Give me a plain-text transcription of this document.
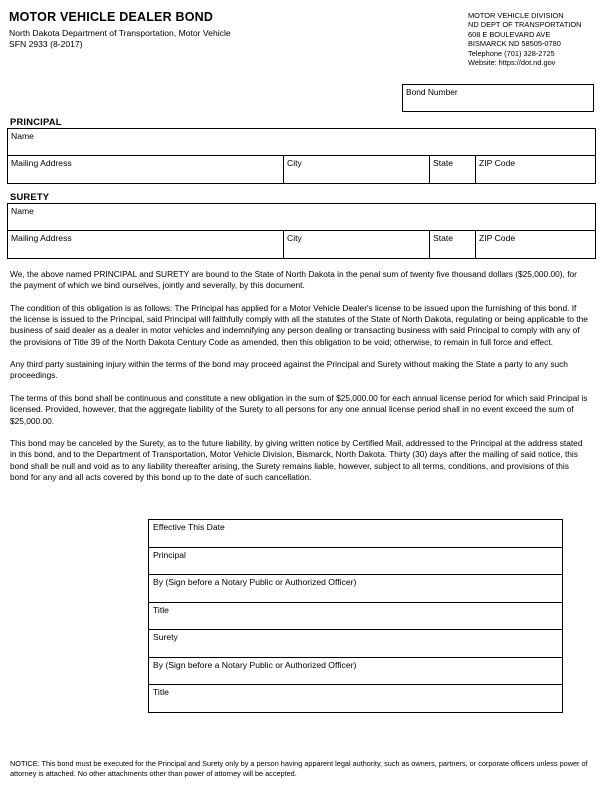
MOTOR VEHICLE DEALER BOND
North Dakota Department of Transportation, Motor Vehicle
SFN 2933 (8-2017)
MOTOR VEHICLE DIVISION
ND DEPT OF TRANSPORTATION
608 E BOULEVARD AVE
BISMARCK ND 58505-0780
Telephone (701) 328-2725
Website: https://dot.nd.gov
Bond Number
PRINCIPAL
Name
Mailing Address	City	State	ZIP Code
SURETY
Name
Mailing Address	City	State	ZIP Code

We, the above named PRINCIPAL and SURETY are bound to the State of North Dakota in the penal sum of twenty five thousand dollars ($25,000.00), for the payment of which we bind ourselves, jointly and severally, by this document.

The condition of this obligation is as follows: The Principal has applied for a Motor Vehicle Dealer's license to be issued upon the furnishing of this bond. If the license is issued to the Principal, said Principal will faithfully comply with all the statutes of the State of North Dakota, regulating or being applicable to the business of said dealer as a dealer in motor vehicles and indemnifying any person dealing or transacting business with said Principal to comply with any of the provisions of Title 39 of the North Dakota Century Code as amended, then this obligation to be void; otherwise, to remain in full force and effect.

Any third party sustaining injury within the terms of the bond may proceed against the Principal and Surety without making the State a party to any such proceedings.

The terms of this bond shall be continuous and constitute a new obligation in the sum of $25,000.00 for each annual license period for which said Principal is licensed. Provided, however, that the aggregate liability of the Surety to all persons for any one annual license period shall in no event exceed the sum of $25,000.00.

This bond may be canceled by the Surety, as to the future liability, by giving written notice by Certified Mail, addressed to the Principal at the address stated in this bond, and to the Department of Transportation, Motor Vehicle Division, Bismarck, North Dakota. Thirty (30) days after the mailing of said notice, this bond shall be null and void as to any liability thereafter arising, the Surety remains liable, however, subject to all terms, conditions, and provisions of this bond for any and all acts covered by this bond up to the date of such cancellation.

Effective This Date
Principal
By (Sign before a Notary Public or Authorized Officer)
Title
Surety
By (Sign before a Notary Public or Authorized Officer)
Title
NOTICE: This bond must be executed for the Principal and Surety only by a person having apparent legal authority, such as owners, partners, or corporate officers unless power of attorney is attached. No other attachments other than power of attorney will be accepted.
